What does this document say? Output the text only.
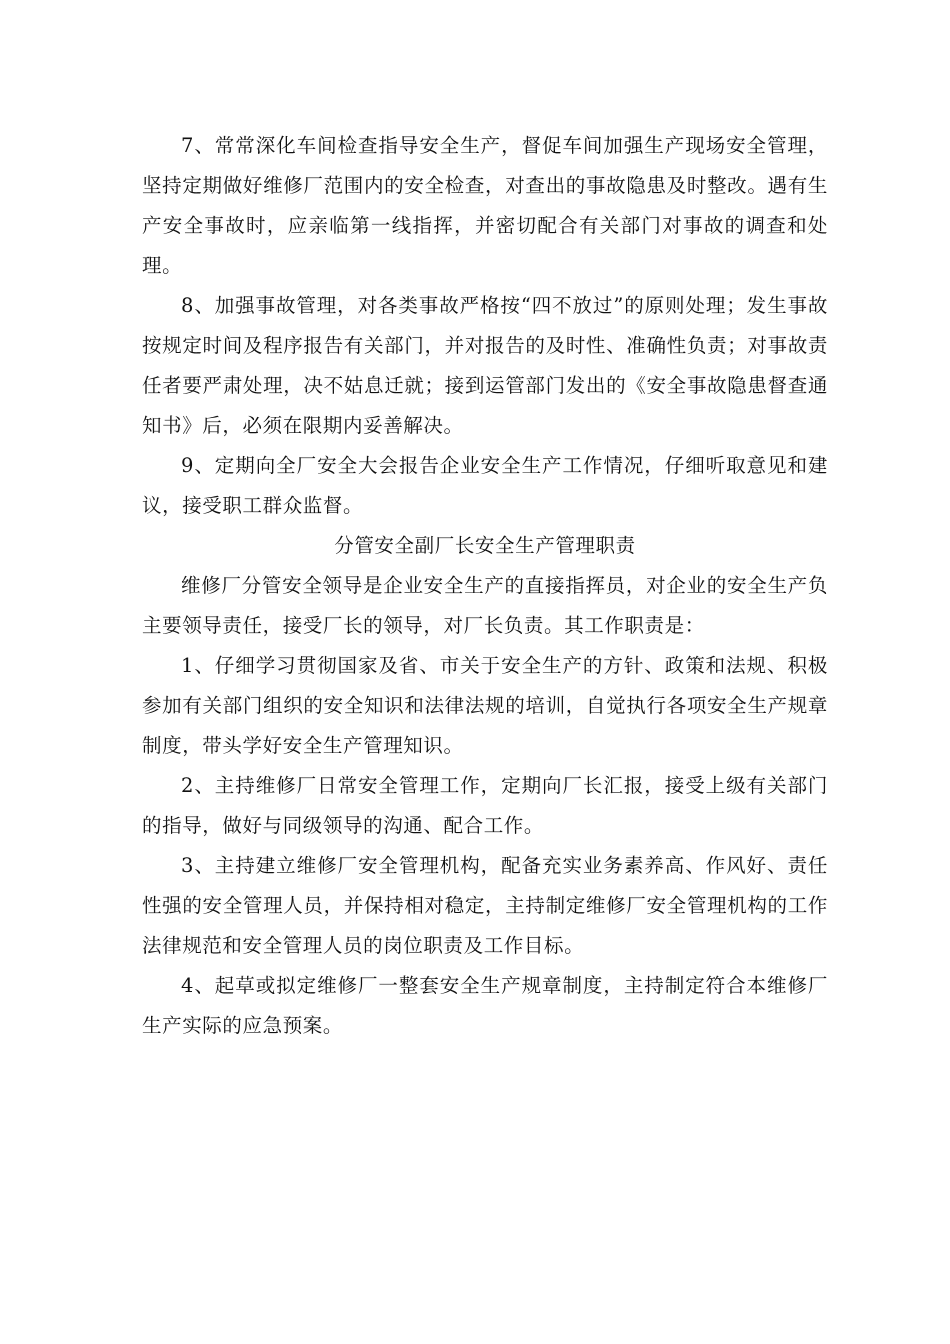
7、常常深化车间检查指导安全生产，督促车间加强生产现场安全管理，坚持定期做好维修厂范围内的安全检查，对查出的事故隐患及时整改。遇有生产安全事故时，应亲临第一线指挥，并密切配合有关部门对事故的调查和处理。

8、加强事故管理，对各类事故严格按“四不放过”的原则处理；发生事故按规定时间及程序报告有关部门，并对报告的及时性、准确性负责；对事故责任者要严肃处理，决不姑息迁就；接到运管部门发出的《安全事故隐患督查通知书》后，必须在限期内妥善解决。

9、定期向全厂安全大会报告企业安全生产工作情况，仔细听取意见和建议，接受职工群众监督。

分管安全副厂长安全生产管理职责

维修厂分管安全领导是企业安全生产的直接指挥员，对企业的安全生产负主要领导责任，接受厂长的领导，对厂长负责。其工作职责是：

1、仔细学习贯彻国家及省、市关于安全生产的方针、政策和法规、积极参加有关部门组织的安全知识和法律法规的培训，自觉执行各项安全生产规章制度，带头学好安全生产管理知识。

2、主持维修厂日常安全管理工作，定期向厂长汇报，接受上级有关部门的指导，做好与同级领导的沟通、配合工作。

3、主持建立维修厂安全管理机构，配备充实业务素养高、作风好、责任性强的安全管理人员，并保持相对稳定，主持制定维修厂安全管理机构的工作法律规范和安全管理人员的岗位职责及工作目标。

4、起草或拟定维修厂一整套安全生产规章制度，主持制定符合本维修厂生产实际的应急预案。
